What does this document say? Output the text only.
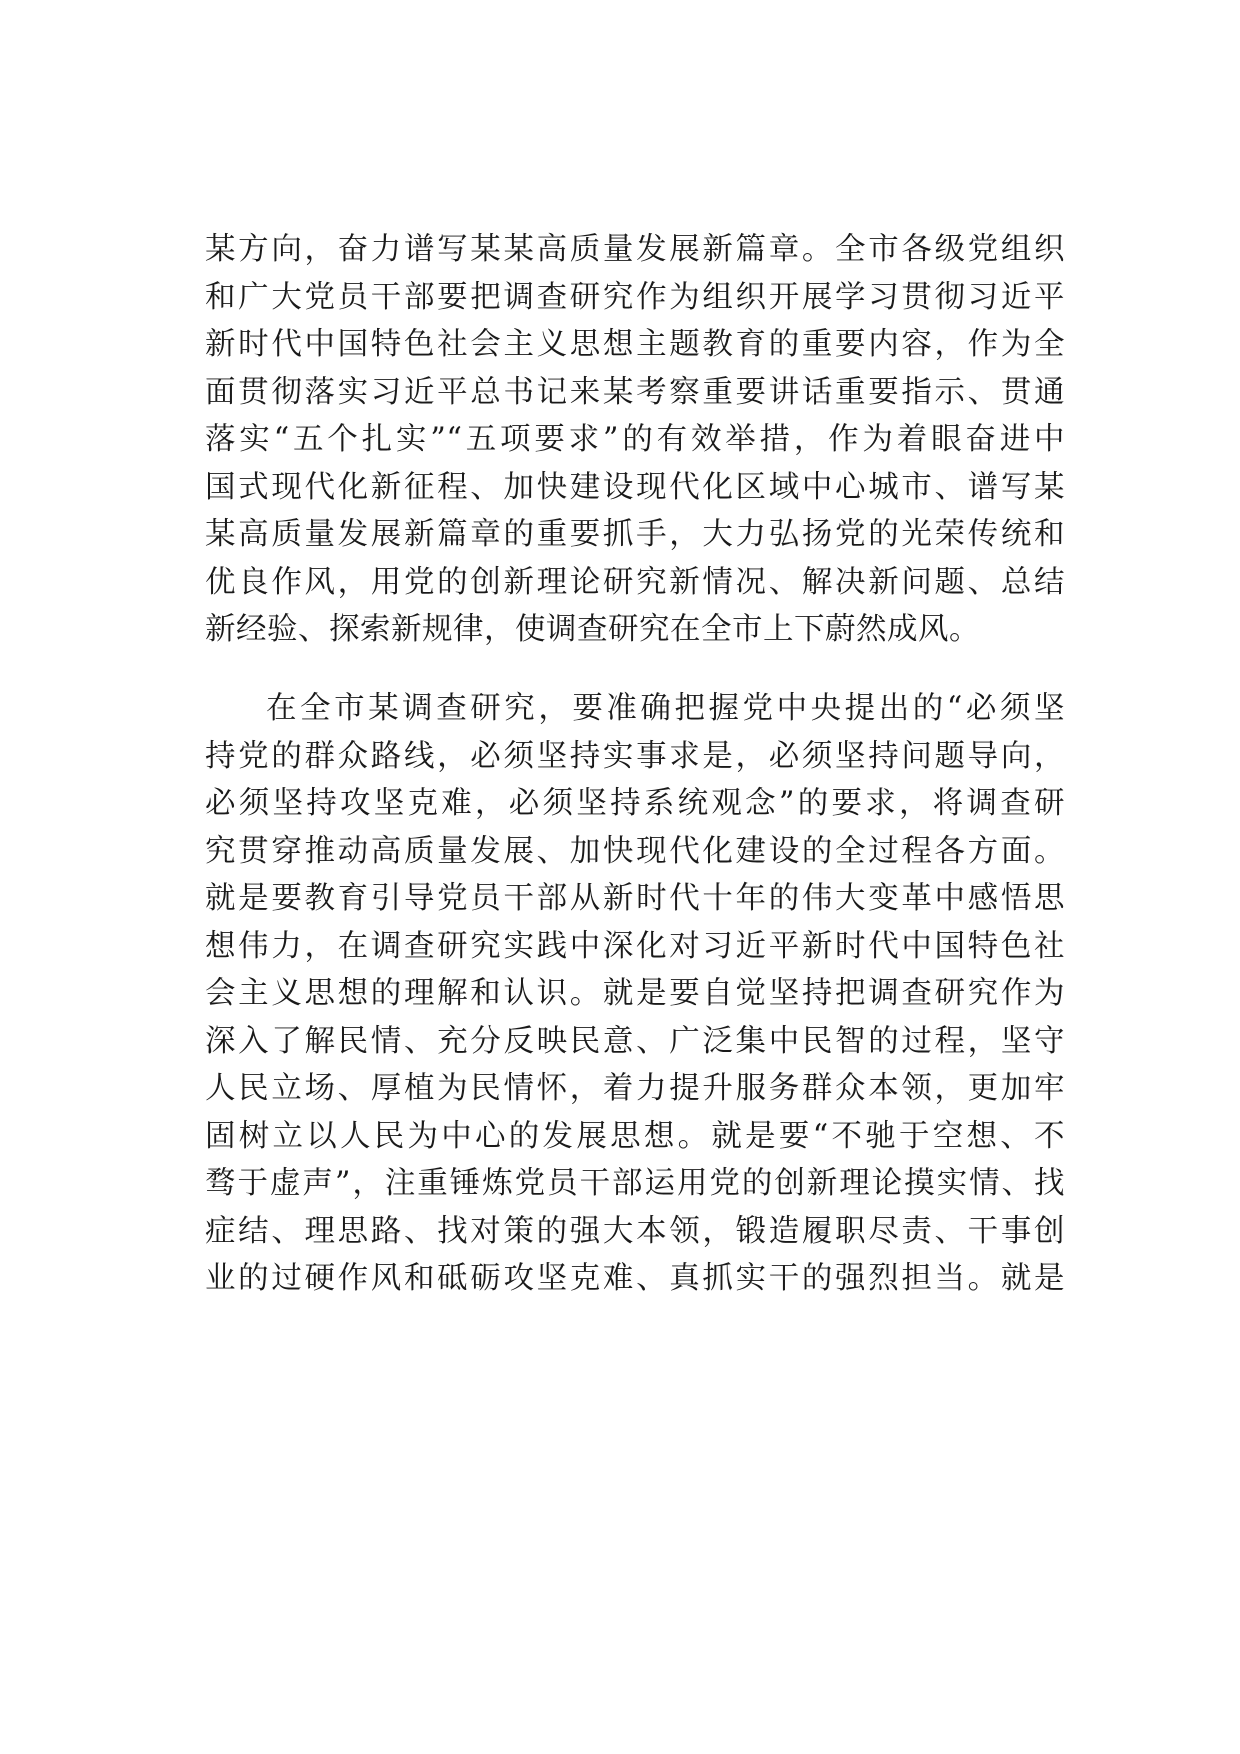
某方向，奋力谱写某某高质量发展新篇章。全市各级党组织
和广大党员干部要把调查研究作为组织开展学习贯彻习近平
新时代中国特色社会主义思想主题教育的重要内容，作为全
面贯彻落实习近平总书记来某考察重要讲话重要指示、贯通
落实“五个扎实”“五项要求”的有效举措，作为着眼奋进中
国式现代化新征程、加快建设现代化区域中心城市、谱写某
某高质量发展新篇章的重要抓手，大力弘扬党的光荣传统和
优良作风，用党的创新理论研究新情况、解决新问题、总结
新经验、探索新规律，使调查研究在全市上下蔚然成风。
在全市某调查研究，要准确把握党中央提出的“必须坚
持党的群众路线，必须坚持实事求是，必须坚持问题导向，
必须坚持攻坚克难，必须坚持系统观念”的要求，将调查研
究贯穿推动高质量发展、加快现代化建设的全过程各方面。
就是要教育引导党员干部从新时代十年的伟大变革中感悟思
想伟力，在调查研究实践中深化对习近平新时代中国特色社
会主义思想的理解和认识。就是要自觉坚持把调查研究作为
深入了解民情、充分反映民意、广泛集中民智的过程，坚守
人民立场、厚植为民情怀，着力提升服务群众本领，更加牢
固树立以人民为中心的发展思想。就是要“不驰于空想、不
骛于虚声”，注重锤炼党员干部运用党的创新理论摸实情、找
症结、理思路、找对策的强大本领，锻造履职尽责、干事创
业的过硬作风和砥砺攻坚克难、真抓实干的强烈担当。就是
